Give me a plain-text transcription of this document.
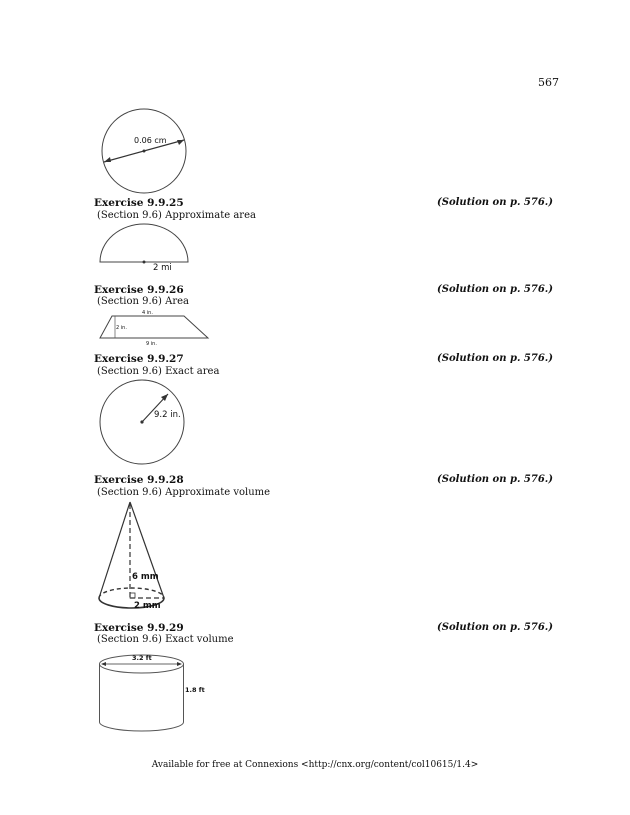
567
0.06 cm
Exercise 9.9.25	(Solution on p. 576.)
(Section 9.6) Approximate area
2 mi
Exercise 9.9.26	(Solution on p. 576.)
(Section 9.6) Area
4 in.
2 in.
9 in.
Exercise 9.9.27	(Solution on p. 576.)
(Section 9.6) Exact area
9.2 in.
Exercise 9.9.28	(Solution on p. 576.)
(Section 9.6) Approximate volume
6 mm
2 mm
Exercise 9.9.29	(Solution on p. 576.)
(Section 9.6) Exact volume
3.2 ft
1.8 ft
Available for free at Connexions <http://cnx.org/content/col10615/1.4>
